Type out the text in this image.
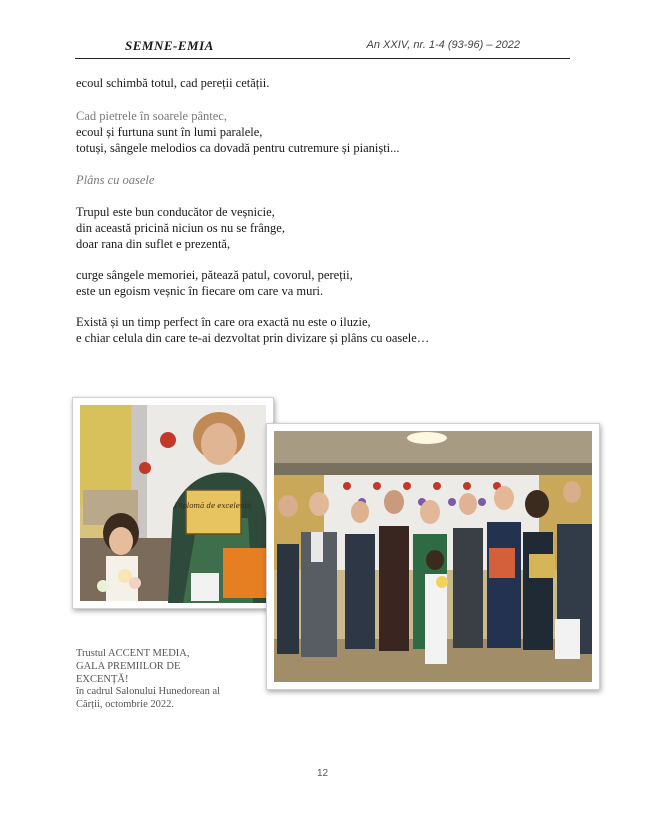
SEMNE-EMIA	An XXIV, nr. 1-4 (93-96) – 2022
ecoul schimbă totul, cad pereții cetății.
Cad pietrele în soarele pântec,
ecoul și furtuna sunt în lumi paralele,
totuși, sângele melodios ca dovadă pentru cutremure și pianiști...
Plâns cu oasele
Trupul este bun conducător de veșnicie,
din această pricină niciun os nu se frânge,
doar rana din suflet e prezentă,
curge sângele memoriei, pătează patul, covorul, pereții,
este un egoism veșnic în fiecare om care va muri.
Există și un timp perfect în care ora exactă nu este o iluzie,
e chiar celula din care te-ai dezvoltat prin divizare și plâns cu oasele…
Diplomă de excelență
Trustul ACCENT MEDIA,
GALA PREMIILOR DE
EXCENȚĂ!
în cadrul Salonului Hunedorean al
Cărții, octombrie 2022.
12
